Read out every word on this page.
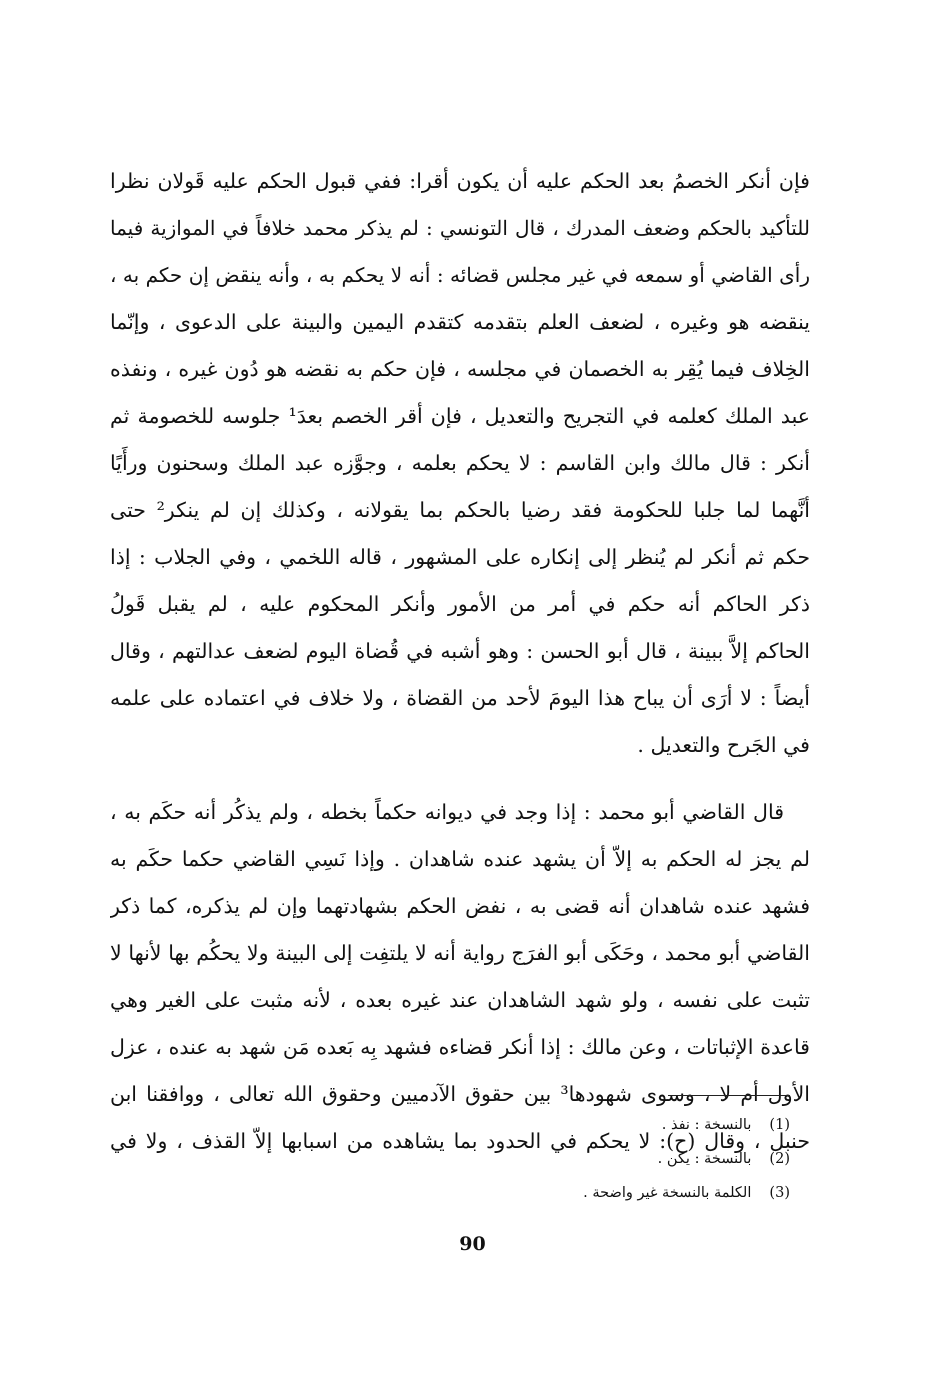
فإن أنكر الخصمُ بعد الحكم عليه أن يكون أقرا: ففي قبول الحكم عليه قَولان نظرا
للتأكيد بالحكم وضعف المدرك ، قال التونسي : لم يذكر محمد خلافاً في الموازية فيما
رأى القاضي أو سمعه في غير مجلس قضائه : أنه لا يحكم به ، وأنه ينقض إن حكم به ،
ينقضه هو وغيره ، لضعف العلم بتقدمه كتقدم اليمين والبينة على الدعوى ، وإنّما
الخِلاف فيما يُقِر به الخصمان في مجلسه ، فإن حكم به نقضه هو دُون غيره ، ونفذه
عبد الملك كعلمه في التجريح والتعديل ، فإن أقر الخصم بعدَ¹ جلوسه للخصومة ثم
أنكر : قال مالك وابن القاسم : لا يحكم بعلمه ، وجوَّزه عبد الملك وسحنون ورأَيًا
أنَّهما لما جلبا للحكومة فقد رضيا بالحكم بما يقولانه ، وكذلك إن لم ينكر² حتى
حكم ثم أنكر لم يُنظر إلى إنكاره على المشهور ، قاله اللخمي ، وفي الجلاب : إذا
ذكر الحاكم أنه حكم في أمر من الأمور وأنكر المحكوم عليه ، لم يقبل قَولُ
الحاكم إلاَّ ببينة ، قال أبو الحسن : وهو أشبه في قُضاة اليوم لضعف عدالتهم ، وقال
أيضاً : لا أرَى أن يباح هذا اليومَ لأحد من القضاة ، ولا خلاف في اعتماده على علمه
في الجَرح والتعديل .
قال القاضي أبو محمد : إذا وجد في ديوانه حكماً بخطه ، ولم يذكُر أنه حكَم به ،
لم يجز له الحكم به إلاّ أن يشهد عنده شاهدان . وإذا نَسِي القاضي حكما حكَم به
فشهد عنده شاهدان أنه قضى به ، نفض الحكم بشهادتهما وإن لم يذكره، كما ذكر
القاضي أبو محمد ، وحَكَى أبو الفرَج رواية أنه لا يلتفِت إلى البينة ولا يحكُم بها لأنها لا
تثبت على نفسه ، ولو شهد الشاهدان عند غيره بعده ، لأنه مثبت على الغير وهي
قاعدة الإثباتات ، وعن مالك : إذا أنكر قضاءه فشهد بِه بَعده مَن شهد به عنده ، عزل
الأول أم لا ، وسوى شهودها³ بين حقوق الآدميين وحقوق الله تعالى ، ووافقنا ابن
حنبل ، وقال (ح): لا يحكم في الحدود بما يشاهده من اسبابها إلاّ القذف ، ولا في
(1) بالنسخة : نفذ .
(2) بالنسخة : يكن .
(3) الكلمة بالنسخة غير واضحة .
90
